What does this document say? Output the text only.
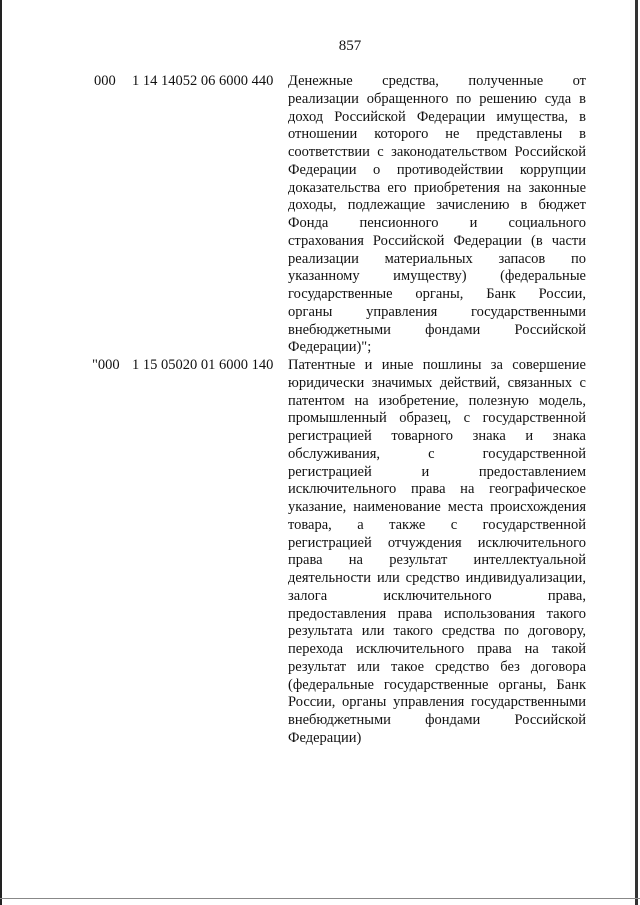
857
000 1 14 14052 06 6000 440 Денежные средства, полученные от
реализации обращенного по решению суда в
доход Российской Федерации имущества, в
отношении которого не представлены в
соответствии с законодательством Российской
Федерации о противодействии коррупции
доказательства его приобретения на законные
доходы, подлежащие зачислению в бюджет
Фонда пенсионного и социального
страхования Российской Федерации (в части
реализации материальных запасов по
указанному имуществу) (федеральные
государственные органы, Банк России,
органы управления государственными
внебюджетными фондами Российской
Федерации)";
"000 1 15 05020 01 6000 140 Патентные и иные пошлины за совершение
юридически значимых действий, связанных с
патентом на изобретение, полезную модель,
промышленный образец, с государственной
регистрацией товарного знака и знака
обслуживания, с государственной
регистрацией и предоставлением
исключительного права на географическое
указание, наименование места происхождения
товара, а также с государственной
регистрацией отчуждения исключительного
права на результат интеллектуальной
деятельности или средство индивидуализации,
залога исключительного права,
предоставления права использования такого
результата или такого средства по договору,
перехода исключительного права на такой
результат или такое средство без договора
(федеральные государственные органы, Банк
России, органы управления государственными
внебюджетными фондами Российской
Федерации)
